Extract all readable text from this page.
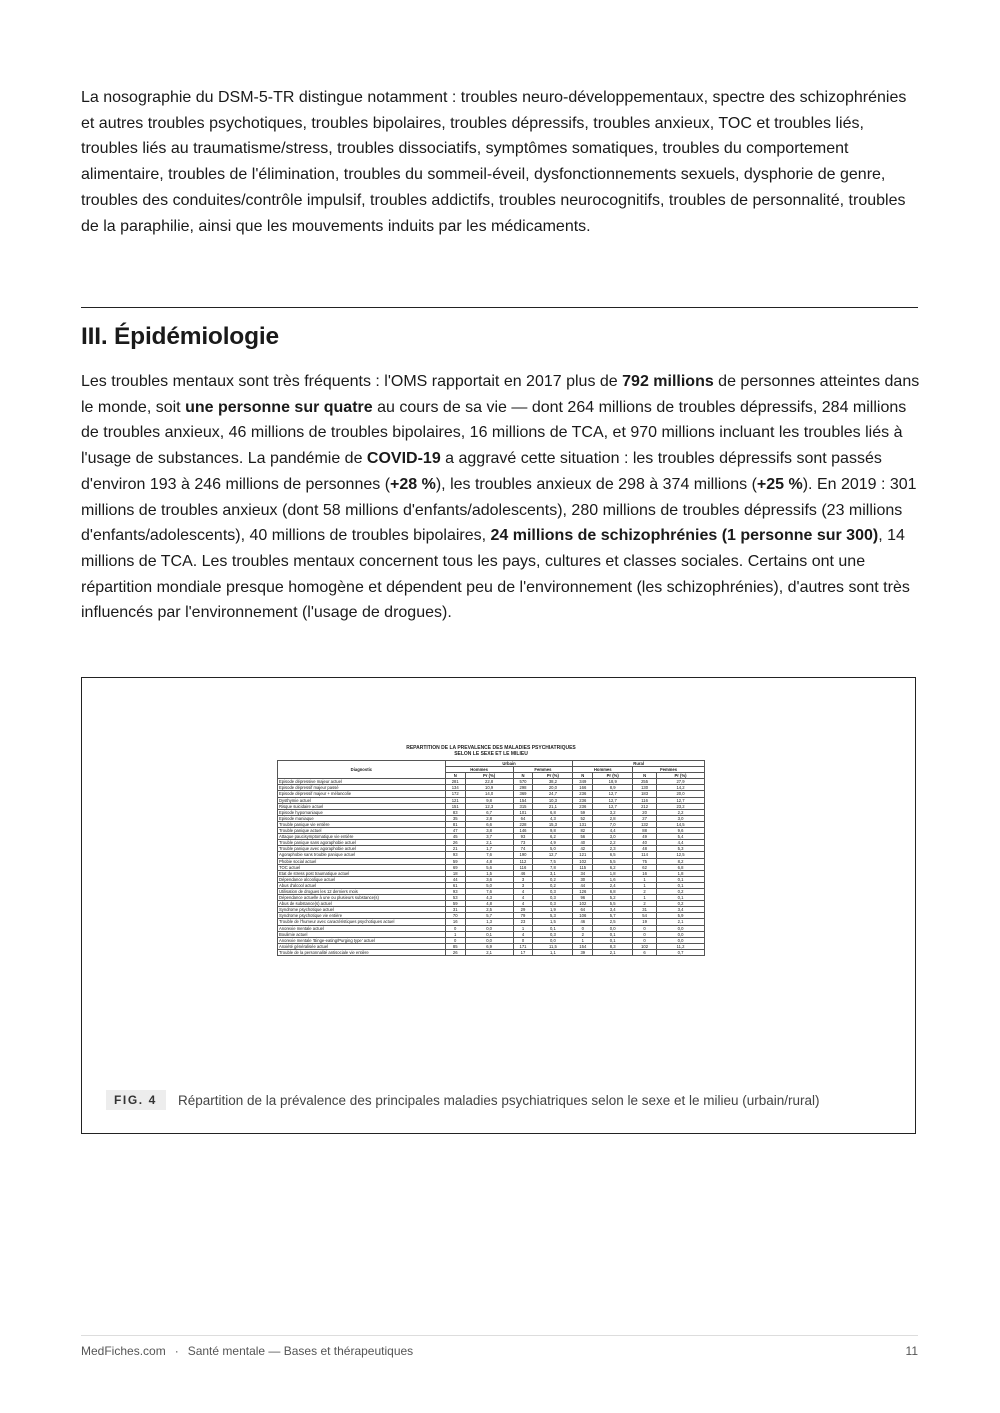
La nosographie du DSM-5-TR distingue notamment : troubles neuro-développementaux, spectre des schizophrénies et autres troubles psychotiques, troubles bipolaires, troubles dépressifs, troubles anxieux, TOC et troubles liés, troubles liés au traumatisme/stress, troubles dissociatifs, symptômes somatiques, troubles du comportement alimentaire, troubles de l'élimination, troubles du sommeil-éveil, dysfonctionnements sexuels, dysphorie de genre, troubles des conduites/contrôle impulsif, troubles addictifs, troubles neurocognitifs, troubles de personnalité, troubles de la paraphilie, ainsi que les mouvements induits par les médicaments.

III. Épidémiologie

Les troubles mentaux sont très fréquents : l'OMS rapportait en 2017 plus de 792 millions de personnes atteintes dans le monde, soit une personne sur quatre au cours de sa vie — dont 264 millions de troubles dépressifs, 284 millions de troubles anxieux, 46 millions de troubles bipolaires, 16 millions de TCA, et 970 millions incluant les troubles liés à l'usage de substances. La pandémie de COVID-19 a aggravé cette situation : les troubles dépressifs sont passés d'environ 193 à 246 millions de personnes (+28 %), les troubles anxieux de 298 à 374 millions (+25 %). En 2019 : 301 millions de troubles anxieux (dont 58 millions d'enfants/adolescents), 280 millions de troubles dépressifs (23 millions d'enfants/adolescents), 40 millions de troubles bipolaires, 24 millions de schizophrénies (1 personne sur 300), 14 millions de TCA. Les troubles mentaux concernent tous les pays, cultures et classes sociales. Certains ont une répartition mondiale presque homogène et dépendent peu de l'environnement (les schizophrénies), d'autres sont très influencés par l'environnement (l'usage de drogues).

REPARTITION DE LA PREVALENCE DES MALADIES PSYCHIATRIQUES
SELON LE SEXE ET LE MILIEU
Diagnostic	Urbain				Rural			
	Hommes		Femmes		Hommes		Femmes	
	N	Pr (%)	N	Pr (%)	N	Pr (%)	N	Pr (%)
Episode dépressive majeur actuel	281	22,8	570	38,2	349	18,9	255	27,9
Episode dépressif majeur passé	134	10,9	298	20,0	166	8,9	130	14,2
Episode dépressif majeur + mélancolie	172	14,0	369	24,7	236	12,7	183	20,0
Dysthymie actuel	121	9,8	154	10,3	236	12,7	116	12,7
Risque suicidaire actuel	151	12,3	315	21,1	236	12,7	212	23,2
Episode hypomaniaque	83	6,7	101	6,8	59	3,2	20	2,2
Episode maniaque	35	2,8	64	4,3	52	2,8	27	3,0
Trouble panique vie entière	81	6,6	228	15,3	131	7,0	132	14,5
Trouble panique actuel	47	3,8	146	9,8	82	4,4	88	9,6
Attaque paucisymptomatique vie entière	45	3,7	93	6,2	56	3,0	49	5,4
Trouble panique sans agoraphobie actuel	26	2,1	73	4,9	40	2,2	40	4,4
Trouble panique avec agoraphobie actuel	21	1,7	74	5,0	42	2,3	48	5,3
Agoraphobie sans trouble panique actuel	93	7,6	190	12,7	121	6,5	114	12,5
Phobie social actuel	59	4,8	112	7,5	102	5,5	75	8,2
TOC actuel	69	5,6	116	7,8	115	6,2	62	6,8
Etat de stress post traumatique actuel	18	1,5	46	3,1	34	1,8	16	1,8
Dépendance alcoolique actuel	44	3,6	3	0,2	30	1,6	1	0,1
Abus d'alcool actuel	61	5,0	3	0,2	44	2,4	1	0,1
Utilisation de drogues les 12 derniers mois	93	7,6	4	0,3	126	6,8	2	0,2
Dépendance actuelle à une ou plusieurs substance(s)	53	4,3	4	0,3	96	5,2	1	0,1
Abus de substance(s) actuel	59	4,8	4	0,3	102	5,5	2	0,2
Syndrome psychotique actuel	31	2,5	29	1,9	64	3,4	31	3,4
Syndrome psychotique vie entière	70	5,7	79	5,3	106	5,7	54	5,9
Trouble de l'humeur avec caractéristiques psychotiques actuel	16	1,3	23	1,5	46	2,5	19	2,1
Anorexie mentale actuel	0	0,0	1	0,1	0	0,0	0	0,0
Boulimie actuel	1	0,1	4	0,3	2	0,1	0	0,0
Anorexie mentale 'Binge-eating/Purging type' actuel	0	0,0	0	0,0	1	0,1	0	0,0
Anxiété généralisée actuel	85	6,9	171	11,5	154	8,3	102	11,2
Trouble de la personnalité antisociale vie entière	26	2,1	17	1,1	39	2,1	6	0,7
FIG. 4	Répartition de la prévalence des principales maladies psychiatriques selon le sexe et le milieu (urbain/rural)
MedFiches.com · Santé mentale — Bases et thérapeutiques	11
